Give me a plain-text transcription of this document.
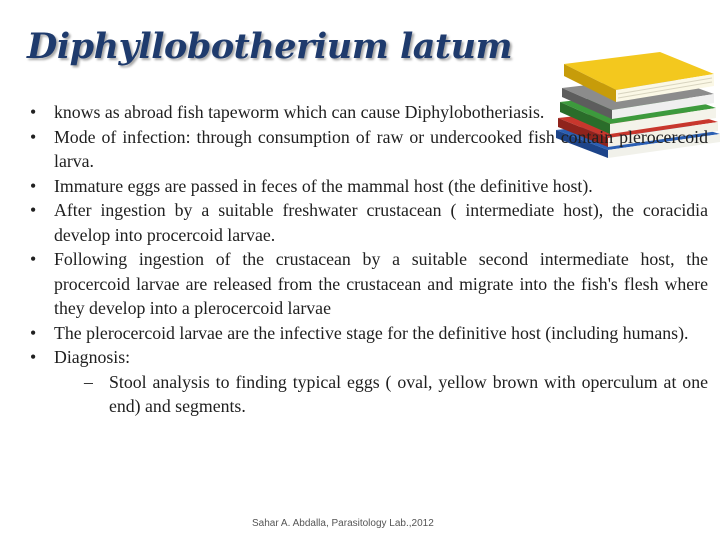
Diphyllobotherium latum
• knows as abroad fish tapeworm which can cause Diphylobotheriasis.
• Mode of infection: through consumption of raw or undercooked fish contain plerocercoid larva.
• Immature eggs are passed in feces of the mammal host (the definitive host).
• After ingestion by a suitable freshwater crustacean ( intermediate host), the coracidia develop into procercoid larvae.
• Following ingestion of the crustacean by a suitable second intermediate host, the procercoid larvae are released from the crustacean and migrate into the fish's flesh where they develop into a plerocercoid larvae
• The plerocercoid larvae are the infective stage for the definitive host (including humans).
• Diagnosis:
– Stool analysis to finding typical eggs ( oval, yellow brown with operculum at one end) and segments.
Sahar A. Abdalla, Parasitology Lab.,2012
